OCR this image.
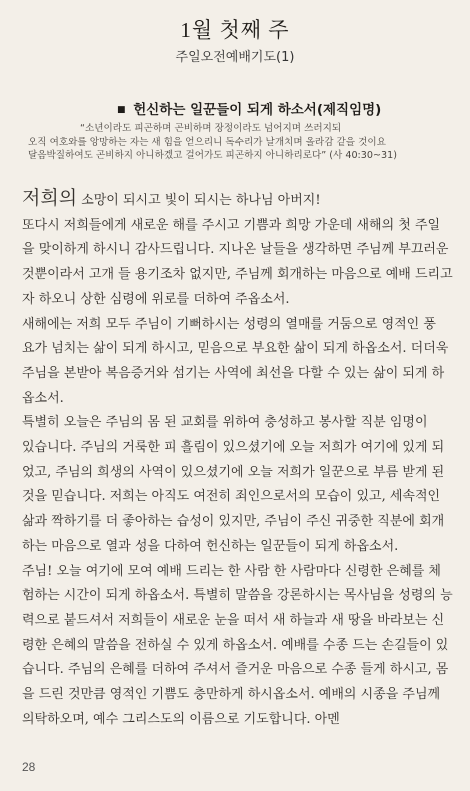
1월 첫째 주
주일오전예배기도(1)
■ 헌신하는 일꾼들이 되게 하소서(제직임명)
“소년이라도 피곤하며 곤비하며 장정이라도 넘어지며 쓰러지되
오직 여호와를 앙망하는 자는 새 힘을 얻으리니 독수리가 날개치며 올라감 같을 것이요
달음박질하여도 곤비하지 아니하겠고 걸어가도 피곤하지 아니하리로다” (사 40:30~31)
저희의 소망이 되시고 빛이 되시는 하나님 아버지!
또다시 저희들에게 새로운 해를 주시고 기쁨과 희망 가운데 새해의 첫 주일
을 맞이하게 하시니 감사드립니다. 지나온 날들을 생각하면 주님께 부끄러운
것뿐이라서 고개 들 용기조차 없지만, 주님께 회개하는 마음으로 예배 드리고
자 하오니 상한 심령에 위로를 더하여 주옵소서.
새해에는 저희 모두 주님이 기뻐하시는 성령의 열매를 거둠으로 영적인 풍
요가 넘치는 삶이 되게 하시고, 믿음으로 부요한 삶이 되게 하옵소서. 더더욱
주님을 본받아 복음증거와 섬기는 사역에 최선을 다할 수 있는 삶이 되게 하
옵소서.
특별히 오늘은 주님의 몸 된 교회를 위하여 충성하고 봉사할 직분 임명이
있습니다. 주님의 거룩한 피 흘림이 있으셨기에 오늘 저희가 여기에 있게 되
었고, 주님의 희생의 사역이 있으셨기에 오늘 저희가 일꾼으로 부름 받게 된
것을 믿습니다. 저희는 아직도 여전히 죄인으로서의 모습이 있고, 세속적인
삶과 짝하기를 더 좋아하는 습성이 있지만, 주님이 주신 귀중한 직분에 회개
하는 마음으로 열과 성을 다하여 헌신하는 일꾼들이 되게 하옵소서.
주님! 오늘 여기에 모여 예배 드리는 한 사람 한 사람마다 신령한 은혜를 체
험하는 시간이 되게 하옵소서. 특별히 말씀을 강론하시는 목사님을 성령의 능
력으로 붙드셔서 저희들이 새로운 눈을 떠서 새 하늘과 새 땅을 바라보는 신
령한 은혜의 말씀을 전하실 수 있게 하옵소서. 예배를 수종 드는 손길들이 있
습니다. 주님의 은혜를 더하여 주셔서 즐거운 마음으로 수종 들게 하시고, 몸
을 드린 것만큼 영적인 기쁨도 충만하게 하시옵소서. 예배의 시종을 주님께
의탁하오며, 예수 그리스도의 이름으로 기도합니다. 아멘
28
